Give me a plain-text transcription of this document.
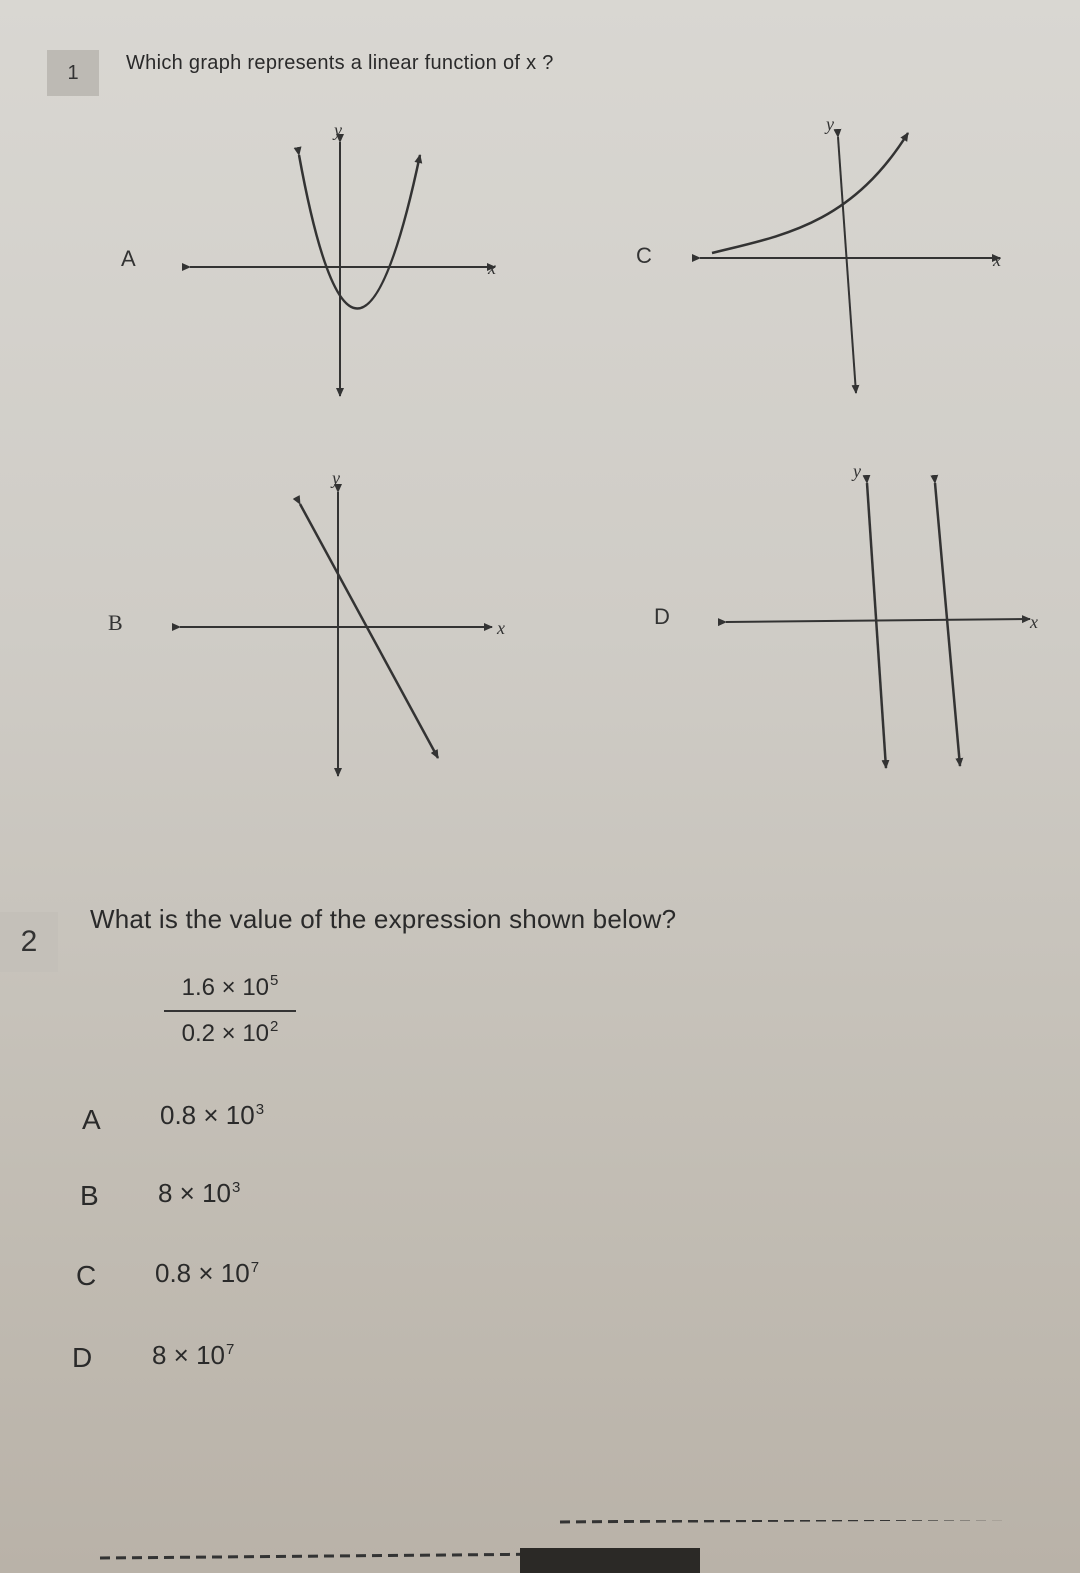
1	Which graph represents a linear function of x ?
A
B
C
D
x
y
x
y
x
y
x
y
2
What is the value of the expression shown below?
$1.6 \times 10^5$
$0.2 \times 10^2$
A $0.8 \times 10^3$
B $8 \times 10^3$
C $0.8 \times 10^7$
D $8 \times 10^7$
